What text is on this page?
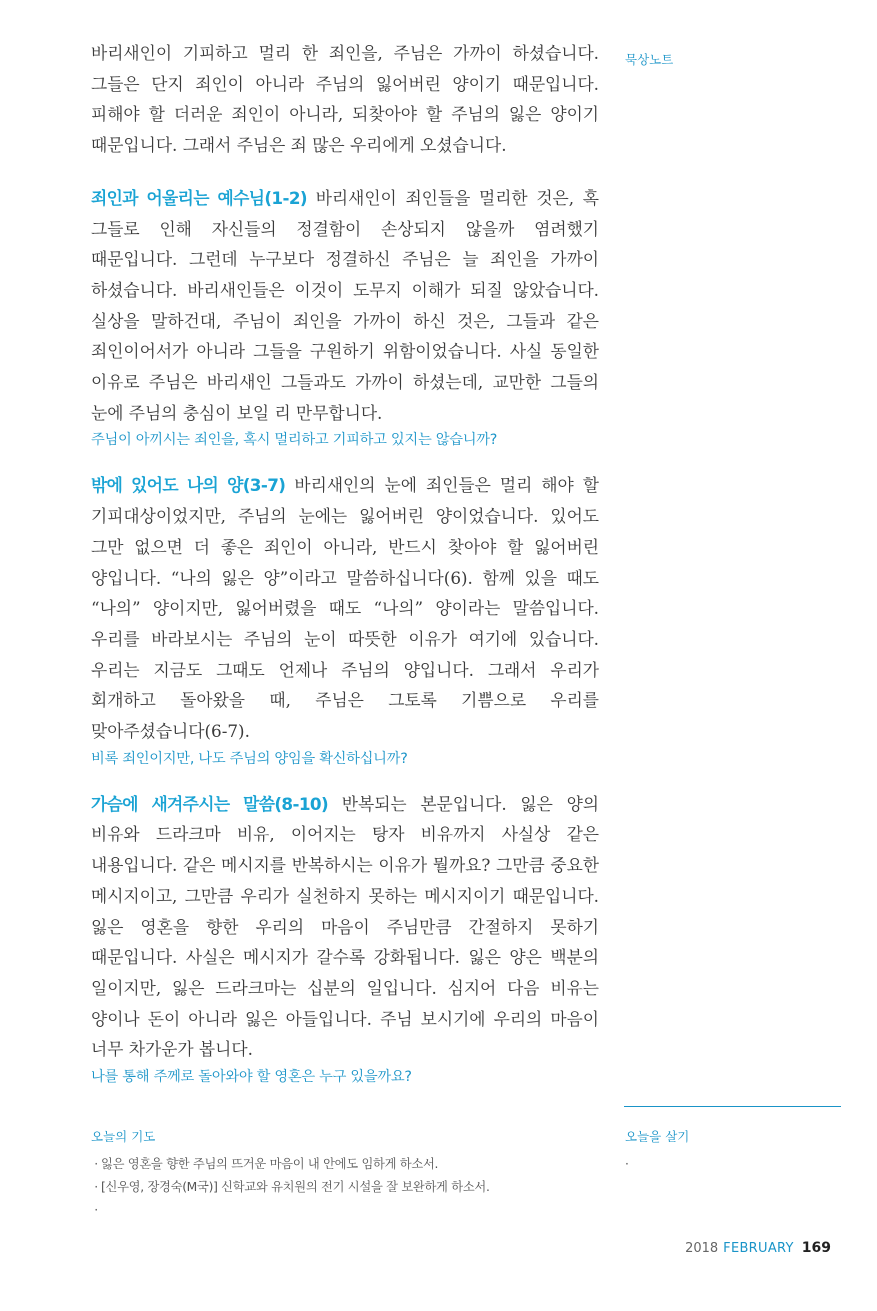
묵상노트

바리새인이 기피하고 멀리 한 죄인을, 주님은 가까이 하셨습니다. 그들은 단지 죄인이 아니라 주님의 잃어버린 양이기 때문입니다. 피해야 할 더러운 죄인이 아니라, 되찾아야 할 주님의 잃은 양이기 때문입니다. 그래서 주님은 죄 많은 우리에게 오셨습니다.

죄인과 어울리는 예수님(1-2) 바리새인이 죄인들을 멀리한 것은, 혹 그들로 인해 자신들의 정결함이 손상되지 않을까 염려했기 때문입니다. 그런데 누구보다 정결하신 주님은 늘 죄인을 가까이 하셨습니다. 바리새인들은 이것이 도무지 이해가 되질 않았습니다. 실상을 말하건대, 주님이 죄인을 가까이 하신 것은, 그들과 같은 죄인이어서가 아니라 그들을 구원하기 위함이었습니다. 사실 동일한 이유로 주님은 바리새인 그들과도 가까이 하셨는데, 교만한 그들의 눈에 주님의 충심이 보일 리 만무합니다.

주님이 아끼시는 죄인을, 혹시 멀리하고 기피하고 있지는 않습니까?

밖에 있어도 나의 양(3-7) 바리새인의 눈에 죄인들은 멀리 해야 할 기피대상이었지만, 주님의 눈에는 잃어버린 양이었습니다. 있어도 그만 없으면 더 좋은 죄인이 아니라, 반드시 찾아야 할 잃어버린 양입니다. “나의 잃은 양”이라고 말씀하십니다(6). 함께 있을 때도 “나의” 양이지만, 잃어버렸을 때도 “나의” 양이라는 말씀입니다. 우리를 바라보시는 주님의 눈이 따뜻한 이유가 여기에 있습니다. 우리는 지금도 그때도 언제나 주님의 양입니다. 그래서 우리가 회개하고 돌아왔을 때, 주님은 그토록 기쁨으로 우리를 맞아주셨습니다(6-7).

비록 죄인이지만, 나도 주님의 양임을 확신하십니까?

가슴에 새겨주시는 말씀(8-10) 반복되는 본문입니다. 잃은 양의 비유와 드라크마 비유, 이어지는 탕자 비유까지 사실상 같은 내용입니다. 같은 메시지를 반복하시는 이유가 뭘까요? 그만큼 중요한 메시지이고, 그만큼 우리가 실천하지 못하는 메시지이기 때문입니다. 잃은 영혼을 향한 우리의 마음이 주님만큼 간절하지 못하기 때문입니다. 사실은 메시지가 갈수록 강화됩니다. 잃은 양은 백분의 일이지만, 잃은 드라크마는 십분의 일입니다. 심지어 다음 비유는 양이나 돈이 아니라 잃은 아들입니다. 주님 보시기에 우리의 마음이 너무 차가운가 봅니다.

나를 통해 주께로 돌아와야 할 영혼은 누구 있을까요?

오늘의 기도
· 잃은 영혼을 향한 주님의 뜨거운 마음이 내 안에도 임하게 하소서.
· [신우영, 장경숙(M국)] 신학교와 유치원의 전기 시설을 잘 보완하게 하소서.
·
오늘을 살기
·
2018 FEBRUARY 169
